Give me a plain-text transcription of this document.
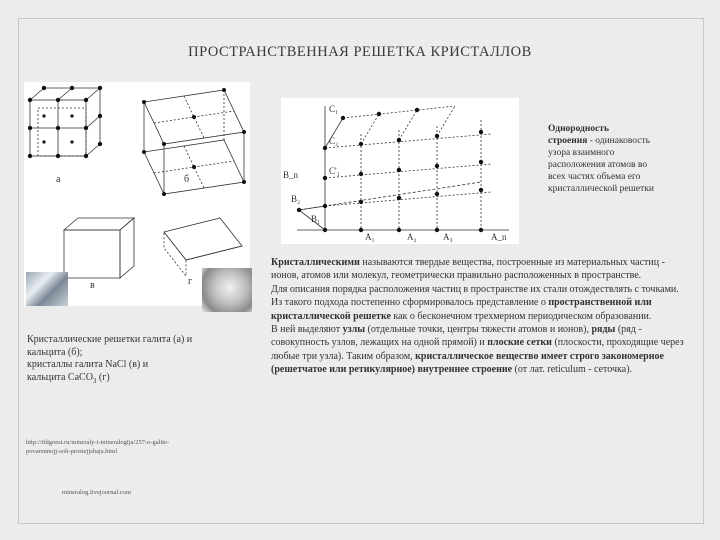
ПРОСТРАНСТВЕННАЯ РЕШЕТКА КРИСТАЛЛОВ
а	б
в	г
Кристаллические решетки галита (а) и
кальцита (б);
кристаллы галита NaCl (в) и
кальцита CaCO$_3$ (г)
http://ifdgoest.ru/mineraly-i-mineralogija/257-o-galite-
povarennojj-soli-prostejjshaja.html
mineralog.livejournal.com
C₁
C₂
C'₁
B_n
B₂
B₁
A₁	A₂	A₃	A_n
Однородность
строения - одинаковость
узора взаимного
расположения атомов во
всех частях объема его
кристаллической решетки
Кристаллическими называются твердые вещества, построенные из материальных частиц - ионов, атомов или молекул, геометрически правильно расположенных в пространстве.
Для описания порядка расположения частиц в пространстве их стали отождествлять с точками. Из такого подхода постепенно сформировалось представление о пространственной или кристаллической решетке как о бесконечном трехмерном периодическом образовании.
В ней выделяют узлы (отдельные точки, центры тяжести атомов и ионов), ряды (ряд - совокупность узлов, лежащих на одной прямой) и плоские сетки (плоскости, проходящие через любые три узла). Таким образом, кристаллическое вещество имеет строго закономерное (решетчатое или ретикулярное) внутреннее строение (от лат. reticulum - сеточка).
